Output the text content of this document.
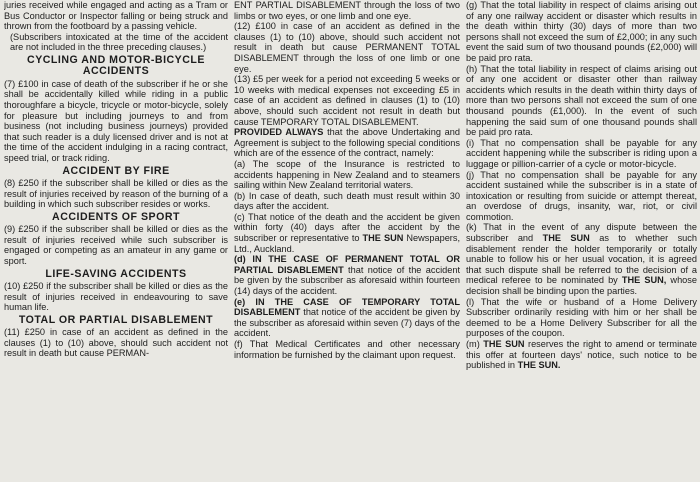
juries received while engaged and acting as a Tram or Bus Conductor or Inspector falling or being struck and thrown from the footboard by a passing vehicle.

(Subscribers intoxicated at the time of the accident are not included in the three preceding clauses.)

CYCLING AND MOTOR-BICYCLE ACCIDENTS

(7) £100 in case of death of the subscriber if he or she shall be accidentally killed while riding in a public thoroughfare a bicycle, tricycle or motor-bicycle, solely for pleasure but including journeys to and from business (not including business journeys) provided that such reader is a duly licensed driver and is not at the time of the accident indulging in a racing contract, speed trial, or track riding.

ACCIDENT BY FIRE

(8) £250 if the subscriber shall be killed or dies as the result of injuries received by reason of the burning of a building in which such subscriber resides or works.

ACCIDENTS OF SPORT

(9) £250 if the subscriber shall be killed or dies as the result of injuries received while such subscriber is engaged or competing as an amateur in any game or sport.

LIFE-SAVING ACCIDENTS

(10) £250 if the subscriber shall be killed or dies as the result of injuries received in endeavouring to save human life.

TOTAL OR PARTIAL DISABLEMENT

(11) £250 in case of an accident as defined in the clauses (1) to (10) above, should such accident not result in death but cause PERMAN-

ENT PARTIAL DISABLEMENT through the loss of two limbs or two eyes, or one limb and one eye.

(12) £100 in case of an accident as defined in the clauses (1) to (10) above, should such accident not result in death but cause PERMANENT TOTAL DISABLEMENT through the loss of one limb or one eye.

(13) £5 per week for a period not exceeding 5 weeks or 10 weeks with medical expenses not exceeding £5 in case of an accident as defined in clauses (1) to (10) above, should such accident not result in death but cause TEMPORARY TOTAL DISABLEMENT.

PROVIDED ALWAYS that the above Undertaking and Agreement is subject to the following special conditions which are of the essence of the contract, namely:

(a) The scope of the Insurance is restricted to accidents happening in New Zealand and to steamers sailing within New Zealand territorial waters.

(b) In case of death, such death must result within 30 days after the accident.

(c) That notice of the death and the accident be given within forty (40) days after the accident by the subscriber or representative to THE SUN Newspapers, Ltd., Auckland.

(d) IN THE CASE OF PERMANENT TOTAL OR PARTIAL DISABLEMENT that notice of the accident be given by the subscriber as aforesaid within fourteen (14) days of the accident.

(e) IN THE CASE OF TEMPORARY TOTAL DISABLEMENT that notice of the accident be given by the subscriber as aforesaid within seven (7) days of the accident.

(f) That Medical Certificates and other necessary information be furnished by the claimant upon request.

(g) That the total liability in respect of claims arising out of any one railway accident or disaster which results in the death within thirty (30) days of more than two persons shall not exceed the sum of £2,000; in any such event the said sum of two thousand pounds (£2,000) will be paid pro rata.

(h) That the total liability in respect of claims arising out of any one accident or disaster other than railway accidents which results in the death within thirty days of more than two persons shall not exceed the sum of one thousand pounds (£1,000). In the event of such happening the said sum of one thousand pounds shall be paid pro rata.

(i) That no compensation shall be payable for any accident happening while the subscriber is riding upon a luggage or pillion-carrier of a cycle or motor-bicycle.

(j) That no compensation shall be payable for any accident sustained while the subscriber is in a state of intoxication or resulting from suicide or attempt thereat, an overdose of drugs, insanity, war, riot, or civil commotion.

(k) That in the event of any dispute between the subscriber and THE SUN as to whether such disablement render the holder temporarily or totally unable to follow his or her usual vocation, it is agreed that such dispute shall be referred to the decision of a medical referee to be nominated by THE SUN, whose decision shall be binding upon the parties.

(l) That the wife or husband of a Home Delivery Subscriber ordinarily residing with him or her shall be deemed to be a Home Delivery Subscriber for all the purposes of the coupon.

(m) THE SUN reserves the right to amend or terminate this offer at fourteen days' notice, such notice to be published in THE SUN.
